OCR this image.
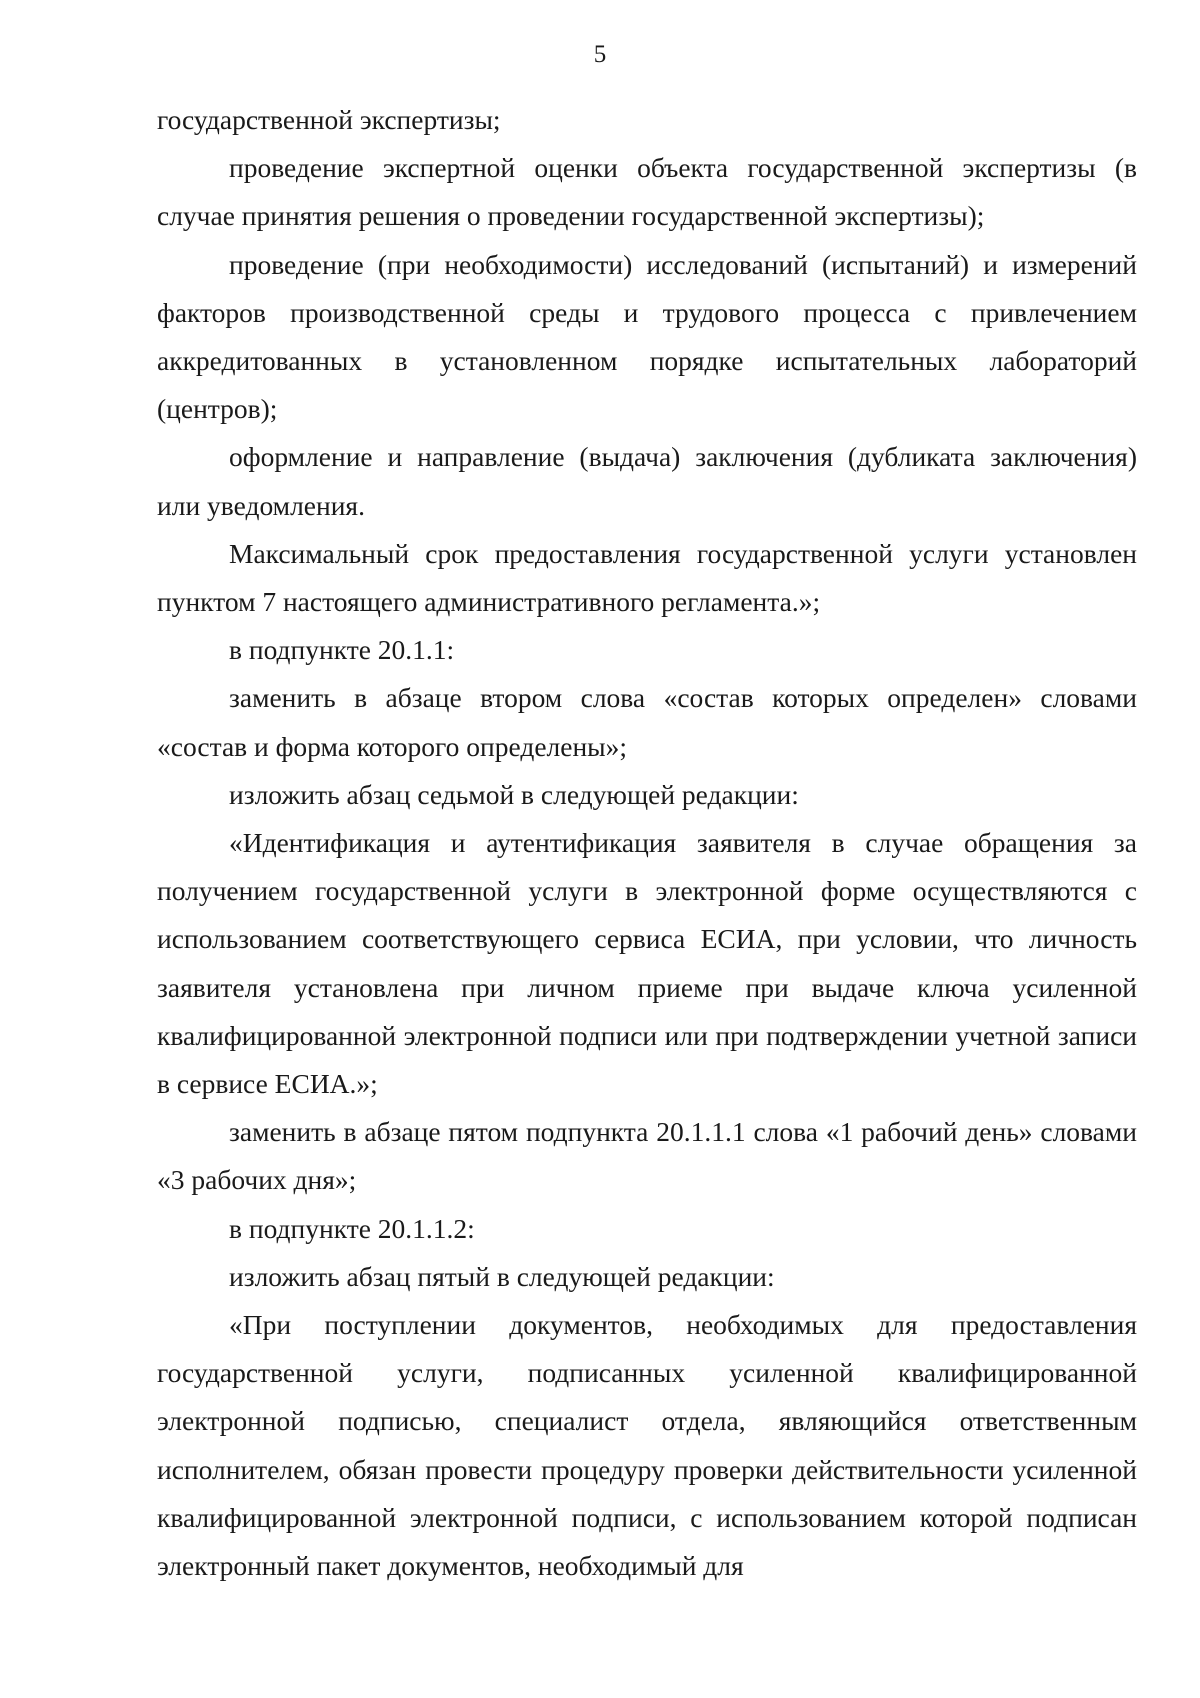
5

государственной экспертизы;

проведение экспертной оценки объекта государственной экспертизы (в случае принятия решения о проведении государственной экспертизы);

проведение (при необходимости) исследований (испытаний) и измерений факторов производственной среды и трудового процесса с привлечением аккредитованных в установленном порядке испытательных лабораторий (центров);

оформление и направление (выдача) заключения (дубликата заключения) или уведомления.

Максимальный срок предоставления государственной услуги установлен пунктом 7 настоящего административного регламента.»;

в подпункте 20.1.1:

заменить в абзаце втором слова «состав которых определен» словами «состав и форма которого определены»;

изложить абзац седьмой в следующей редакции:

«Идентификация и аутентификация заявителя в случае обращения за получением государственной услуги в электронной форме осуществляются с использованием соответствующего сервиса ЕСИА, при условии, что личность заявителя установлена при личном приеме при выдаче ключа усиленной квалифицированной электронной подписи или при подтверждении учетной записи в сервисе ЕСИА.»;

заменить в абзаце пятом подпункта 20.1.1.1 слова «1 рабочий день» словами «3 рабочих дня»;

в подпункте 20.1.1.2:

изложить абзац пятый в следующей редакции:

«При поступлении документов, необходимых для предоставления государственной услуги, подписанных усиленной квалифицированной электронной подписью, специалист отдела, являющийся ответственным исполнителем, обязан провести процедуру проверки действительности усиленной квалифицированной электронной подписи, с использованием которой подписан электронный пакет документов, необходимый для
